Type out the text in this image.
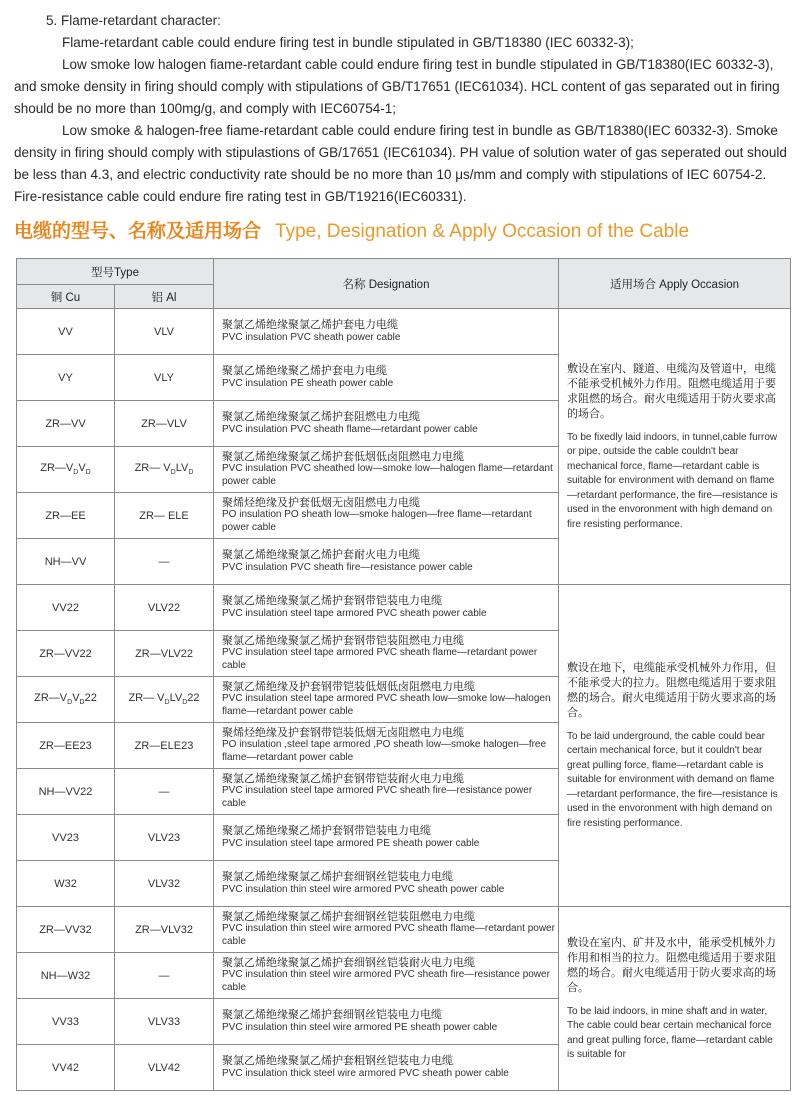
5. Flame-retardant character:

Flame-retardant cable could endure firing test in bundle stipulated in GB/T18380 (IEC 60332-3);

Low smoke low halogen fiame-retardant cable could endure firing test in bundle stipulated in GB/T18380(IEC 60332-3), and smoke density in firing should comply with stipulations of GB/T17651 (IEC61034). HCL content of gas separated out in firing should be no more than 100mg/g, and comply with IEC60754-1;

Low smoke & halogen-free fiame-retardant cable could endure firing test in bundle as GB/T18380(IEC 60332-3). Smoke density in firing should comply with stipulastions of GB/17651 (IEC61034). PH value of solution water of gas seperated out should be less than 4.3, and electric conductivity rate should be no more than 10 μs/mm and comply with stipulations of IEC 60754-2. Fire-resistance cable could endure fire rating test in GB/T19216(IEC60331).

电缆的型号、名称及适用场合 Type, Designation & Apply Occasion of the Cable
型号Type		名称 Designation	适用场合 Apply Occasion
铜 Cu	铝 Al		
VV	VLV	聚氯乙烯绝缘聚氯乙烯护套电力电缆
PVC insulation PVC sheath power cable	敷设在室内、隧道、电缆沟及管道中，电缆不能承受机械外力作用。阻燃电缆适用于要求阻燃的场合。耐火电缆适用于防火要求高的场合。
To be fixedly laid indoors, in tunnel,cable furrow or pipe, outside the cable couldn't bear mechanical force, flame—retardant cable is suitable for environment with demand on flame—retardant performance, the fire—resistance is used in the envoronment with high demand on fire resisting performance.

VY	VLY	聚氯乙烯绝缘聚乙烯护套电力电缆
PVC insulation PE sheath power cable	

ZR—VV	ZR—VLV	聚氯乙烯绝缘聚氯乙烯护套阻燃电力电缆
PVC insulation PVC sheath flame—retardant power cable	

$ZR—V_DV_D$	ZR— $V_DLV_D$	聚氯乙烯绝缘聚氯乙烯护套低烟低卤阻燃电力电缆
PVC insulation PVC sheathed low—smoke low—halogen flame—retardant power cable	

ZR—EE	ZR— ELE	聚烯烃绝缘及护套低烟无卤阻燃电力电缆
PO insulation PO sheath low—smoke halogen—free flame—retardant power cable	

NH—VV	—	聚氯乙烯绝缘聚氯乙烯护套耐火电力电缆
PVC insulation PVC sheath fire—resistance power cable	

VV22	VLV22	聚氯乙烯绝缘聚氯乙烯护套钢带铠装电力电缆
PVC insulation steel tape armored PVC sheath power cable	敷设在地下，电缆能承受机械外力作用，但不能承受大的拉力。阻燃电缆适用于要求阻燃的场合。耐火电缆适用于防火要求高的场合。
To be laid underground, the cable could bear certain mechanical force, but it couldn't bear great pulling force, flame—retardant cable is suitable for environment with demand on flame—retardant performance, the fire—resistance is used in the envoronment with high demand on fire resisting performance.

ZR—VV22	ZR—VLV22	聚氯乙烯绝缘聚氯乙烯护套钢带铠装阻燃电力电缆
PVC insulation steel tape armored PVC sheath flame—retardant power cable	

$ZR—V_DV_D22$	ZR— $V_DLV_D22$	聚氯乙烯绝缘及护套钢带铠装低烟低卤阻燃电力电缆
PVC insulation steel tape armored PVC sheath low—smoke low—halogen flame—retardant power cable	

ZR—EE23	ZR—ELE23	聚烯烃绝缘及护套钢带铠装低烟无卤阻燃电力电缆
PO insulation ,steel tape armored ,PO sheath low—smoke halogen—free flame—retardant power cable	

NH—VV22	—	聚氯乙烯绝缘聚氯乙烯护套钢带铠装耐火电力电缆
PVC insulation steel tape armored PVC sheath fire—resistance power cable	

VV23	VLV23	聚氯乙烯绝缘聚乙烯护套钢带铠装电力电缆
PVC insulation steel tape armored PE sheath power cable	

W32	VLV32	聚氯乙烯绝缘聚氯乙烯护套细钢丝铠装电力电缆
PVC insulation thin steel wire armored PVC sheath power cable	

ZR—VV32	ZR—VLV32	聚氯乙烯绝缘聚氯乙烯护套细钢丝铠装阻燃电力电缆
PVC insulation thin steel wire armored PVC sheath flame—retardant power cable	敷设在室内、矿井及水中，能承受机械外力作用和相当的拉力。阻燃电缆适用于要求阻燃的场合。耐火电缆适用于防火要求高的场合。
To be laid indoors, in mine shaft and in water, The cable could bear certain mechanical force and great pulling force, flame—retardant cable is suitable for

NH—W32	—	聚氯乙烯绝缘聚氯乙烯护套细钢丝铠装耐火电力电缆
PVC insulation thin steel wire armored PVC sheath fire—resistance power cable	

VV33	VLV33	聚氯乙烯绝缘聚乙烯护套细钢丝铠装电力电缆
PVC insulation thin steel wire armored PE sheath power cable	

VV42	VLV42	聚氯乙烯绝缘聚氯乙烯护套粗钢丝铠装电力电缆
PVC insulation thick steel wire armored PVC sheath power cable	
